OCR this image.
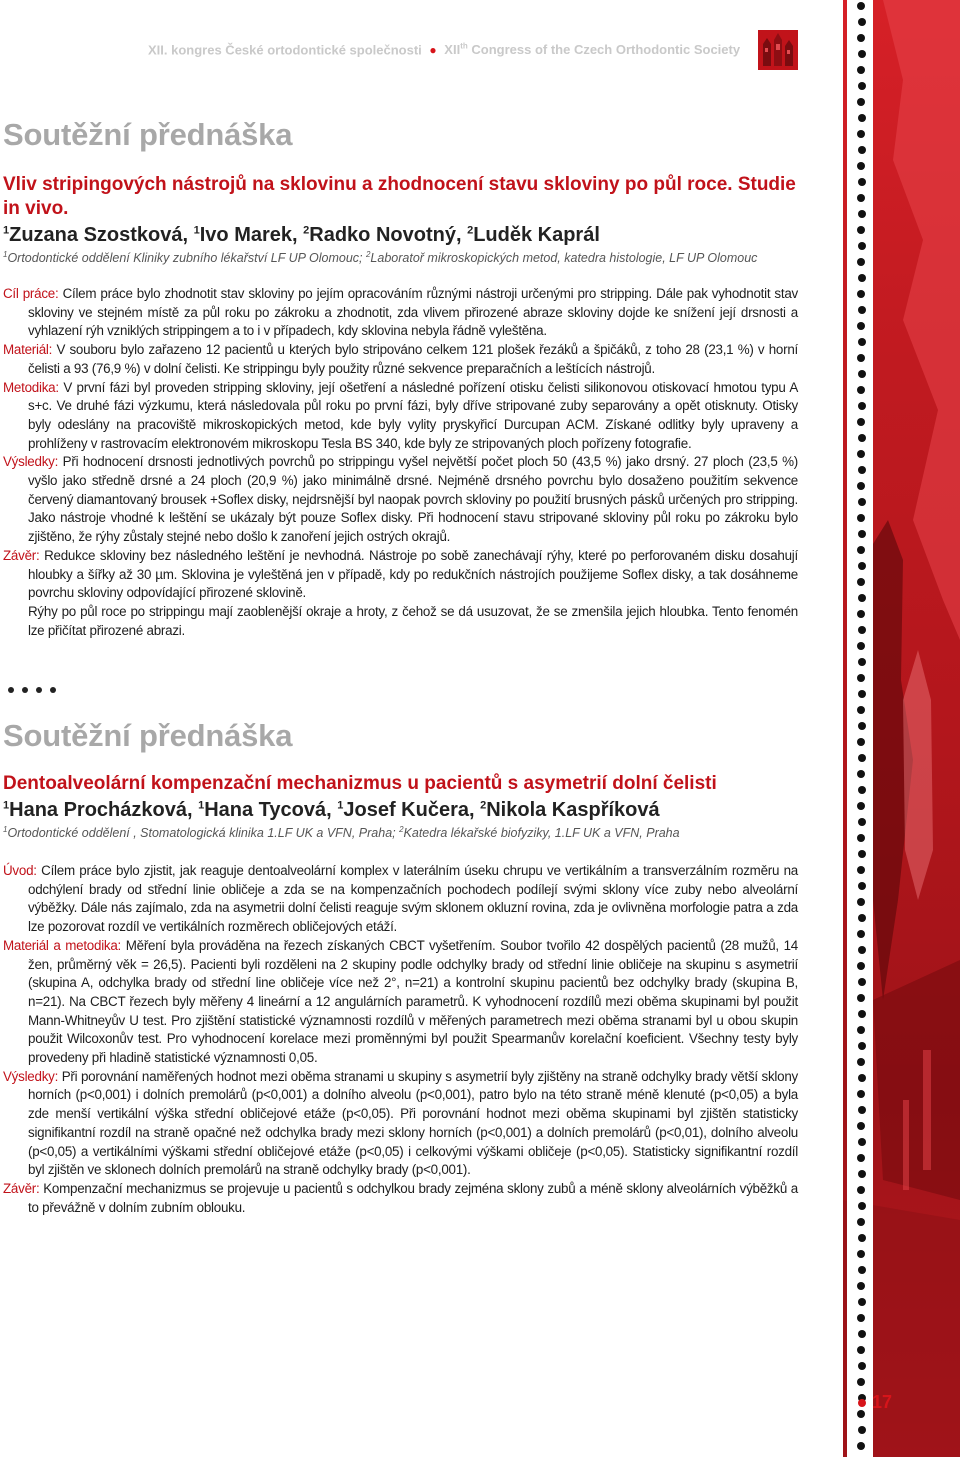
XII. kongres České ortodontické společnosti ● XIIth Congress of the Czech Orthodontic Society
17
Soutěžní přednáška
Vliv stripingových nástrojů na sklovinu a zhodnocení stavu skloviny po půl roce. Studie in vivo.
$^1$Zuzana Szostková, $^1$Ivo Marek, $^2$Radko Novotný, $^2$Luděk Kaprál
$^1$Ortodontické oddělení Kliniky zubního lékařství LF UP Olomouc; $^2$Laboratoř mikroskopických metod, katedra histologie, LF UP Olomouc

Cíl práce: Cílem práce bylo zhodnotit stav skloviny po jejím opracováním různými nástroji určenými pro stripping. Dále pak vyhodnotit stav skloviny ve stejném místě za půl roku po zákroku a zhodnotit, zda vlivem přirozené abraze skloviny dojde ke snížení její drsnosti a vyhlazení rýh vzniklých strippingem a to i v případech, kdy sklovina nebyla řádně vyleštěna.

Materiál: V souboru bylo zařazeno 12 pacientů u kterých bylo stripováno celkem 121 plošek řezáků a špičáků, z toho 28 (23,1 %) v horní čelisti a 93 (76,9 %) v dolní čelisti. Ke strippingu byly použity různé sekvence preparačních a leštících nástrojů.

Metodika: V první fázi byl proveden stripping skloviny, její ošetření a následné pořízení otisku čelisti silikonovou otiskovací hmotou typu A s+c. Ve druhé fázi výzkumu, která následovala půl roku po první fázi, byly dříve stripované zuby separovány a opět otisknuty. Otisky byly odeslány na pracoviště mikroskopických metod, kde byly vylity pryskyřicí Durcupan ACM. Získané odlitky byly upraveny a prohlíženy v rastrovacím elektronovém mikroskopu Tesla BS 340, kde byly ze stripovaných ploch pořízeny fotografie.

Výsledky: Při hodnocení drsnosti jednotlivých povrchů po strippingu vyšel největší počet ploch 50 (43,5 %) jako drsný. 27 ploch (23,5 %) vyšlo jako středně drsné a 24 ploch (20,9 %) jako minimálně drsné. Nejméně drsného povrchu bylo dosaženo použitím sekvence červený diamantovaný brousek +Soflex disky, nejdrsnější byl naopak povrch skloviny po použití brusných pásků určených pro stripping. Jako nástroje vhodné k leštění se ukázaly být pouze Soflex disky. Při hodnocení stavu stripované skloviny půl roku po zákroku bylo zjištěno, že rýhy zůstaly stejné nebo došlo k zanoření jejich ostrých okrajů.

Závěr: Redukce skloviny bez následného leštění je nevhodná. Nástroje po sobě zanechávají rýhy, které po perforovaném disku dosahují hloubky a šířky až 30 µm. Sklovina je vyleštěná jen v případě, kdy po redukčních nástrojích použijeme Soflex disky, a tak dosáhneme povrchu skloviny odpovídající přirozené sklovině.

Rýhy po půl roce po strippingu mají zaoblenější okraje a hroty, z čehož se dá usuzovat, že se zmenšila jejich hloubka. Tento fenomén lze přičítat přirozené abrazi.

Soutěžní přednáška
Dentoalveolární kompenzační mechanizmus u pacientů s asymetrií dolní čelisti
$^1$Hana Procházková, $^1$Hana Tycová, $^1$Josef Kučera, $^2$Nikola Kaspříková
$^1$Ortodontické oddělení , Stomatologická klinika 1.LF UK a VFN, Praha; $^2$Katedra lékařské biofyziky, 1.LF UK a VFN, Praha

Úvod: Cílem práce bylo zjistit, jak reaguje dentoalveolární komplex v laterálním úseku chrupu ve vertikálním a transverzálním rozměru na odchýlení brady od střední linie obličeje a zda se na kompenzačních pochodech podílejí svými sklony více zuby nebo alveolární výběžky. Dále nás zajímalo, zda na asymetrii dolní čelisti reaguje svým sklonem okluzní rovina, zda je ovlivněna morfologie patra a zda lze pozorovat rozdíl ve vertikálních rozměrech obličejových etáží.

Materiál a metodika: Měření byla prováděna na řezech získaných CBCT vyšetřením. Soubor tvořilo 42 dospělých pacientů (28 mužů, 14 žen, průměrný věk = 26,5). Pacienti byli rozděleni na 2 skupiny podle odchylky brady od střední linie obličeje na skupinu s asymetrií (skupina A, odchylka brady od střední line obličeje více než 2°, n=21) a kontrolní skupinu pacientů bez odchylky brady (skupina B, n=21). Na CBCT řezech byly měřeny 4 lineární a 12 angulárních parametrů. K vyhodnocení rozdílů mezi oběma skupinami byl použit Mann-Whitneyův U test. Pro zjištění statistické významnosti rozdílů v měřených parametrech mezi oběma stranami byl u obou skupin použit Wilcoxonův test. Pro vyhodnocení korelace mezi proměnnými byl použit Spearmanův korelační koeficient. Všechny testy byly provedeny při hladině statistické významnosti 0,05.

Výsledky: Při porovnání naměřených hodnot mezi oběma stranami u skupiny s asymetrií byly zjištěny na straně odchylky brady větší sklony horních (p<0,001) i dolních premolárů (p<0,001) a dolního alveolu (p<0,001), patro bylo na této straně méně klenuté (p<0,05) a byla zde menší vertikální výška střední obličejové etáže (p<0,05). Při porovnání hodnot mezi oběma skupinami byl zjištěn statisticky signifikantní rozdíl na straně opačné než odchylka brady mezi sklony horních (p<0,001) a dolních premolárů (p<0,01), dolního alveolu (p<0,05) a vertikálními výškami střední obličejové etáže (p<0,05) i celkovými výškami obličeje (p<0,05). Statisticky signifikantní rozdíl byl zjištěn ve sklonech dolních premolárů na straně odchylky brady (p<0,001).

Závěr: Kompenzační mechanizmus se projevuje u pacientů s odchylkou brady zejména sklony zubů a méně sklony alveolárních výběžků a to převážně v dolním zubním oblouku.
